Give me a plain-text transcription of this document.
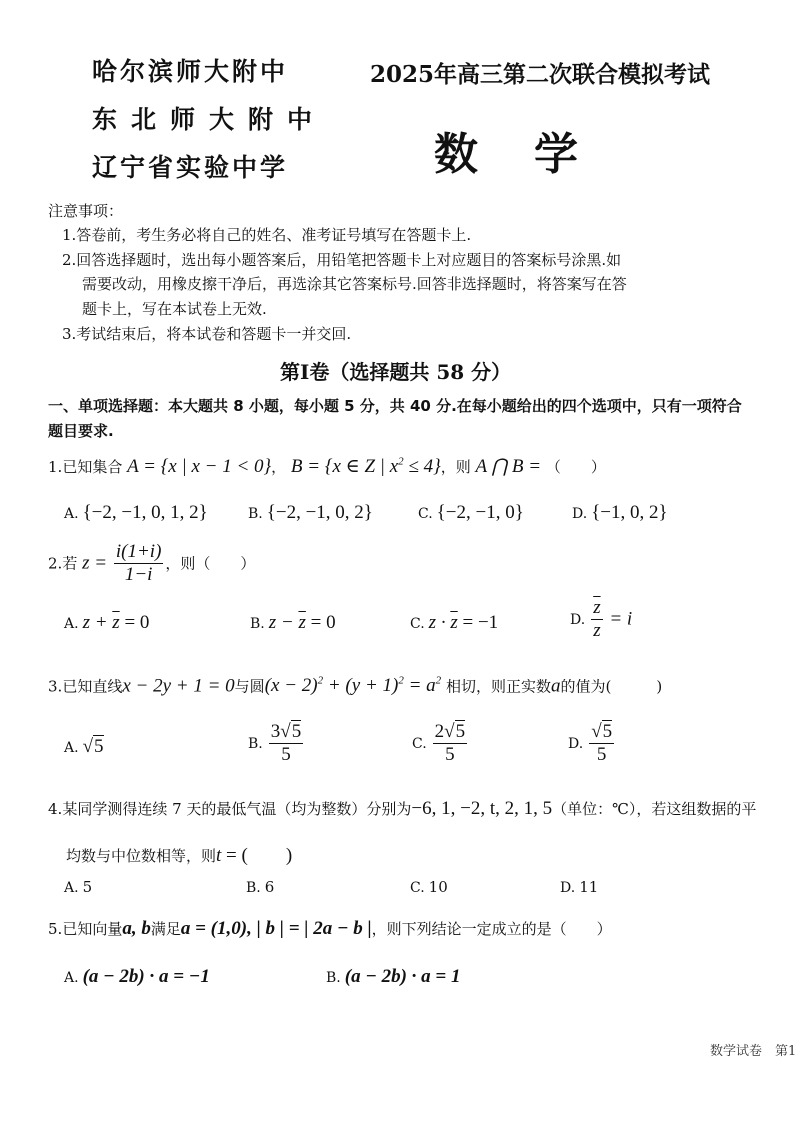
哈尔滨师大附中
东北师大附中
辽宁省实验中学
2025年高三第二次联合模拟考试
数学
注意事项：
1.答卷前，考生务必将自己的姓名、准考证号填写在答题卡上.
2.回答选择题时，选出每小题答案后，用铅笔把答题卡上对应题目的答案标号涂黑.如
需要改动，用橡皮擦干净后，再选涂其它答案标号.回答非选择题时，将答案写在答
题卡上，写在本试卷上无效.
3.考试结束后，将本试卷和答题卡一并交回.
第Ⅰ卷（选择题共 58 分）
一、单项选择题：本大题共 8 小题，每小题 5 分，共 40 分.在每小题给出的四个选项中，只有一项符合
题目要求.
1.已知集合 A = {x | x − 1 < 0}， B = {x ∈ Z | $x^2 \le 4$}，则 A ⋂ B = （　　）
A. {−2, −1, 0, 1, 2}	B. {−2, −1, 0, 2}	C. {−2, −1, 0}	D. {−1, 0, 2}
2.若 $z = \frac{i(1+i)}{1-i}$ ，则（　　）
A. $z + \overline{z} = 0$	B. $z - \overline{z} = 0$	C. $z \cdot \overline{z} = -1$	D. $\frac{\overline{z}}{z} = i$
3.已知直线x − 2y + 1 = 0与圆$(x - 2)^2 + (y + 1)^2 = a^2$ 相切，则正实数a的值为(　　　)
A. √5	B. $\frac{3√5}{5}$	C. $\frac{2√5}{5}$	D. $\frac{√5}{5}$
4.某同学测得连续 7 天的最低气温（均为整数）分别为−6, 1, −2, t, 2, 1, 5（单位：℃），若这组数据的平
均数与中位数相等，则t = (　　)
A. 5	B. 6	C. 10	D. 11
5.已知向量a, b满足a = (1,0), | b | = | 2a − b |，则下列结论一定成立的是（　　）
A. (a − 2b) · a = −1	B. (a − 2b) · a = 1
数学试卷　第1
